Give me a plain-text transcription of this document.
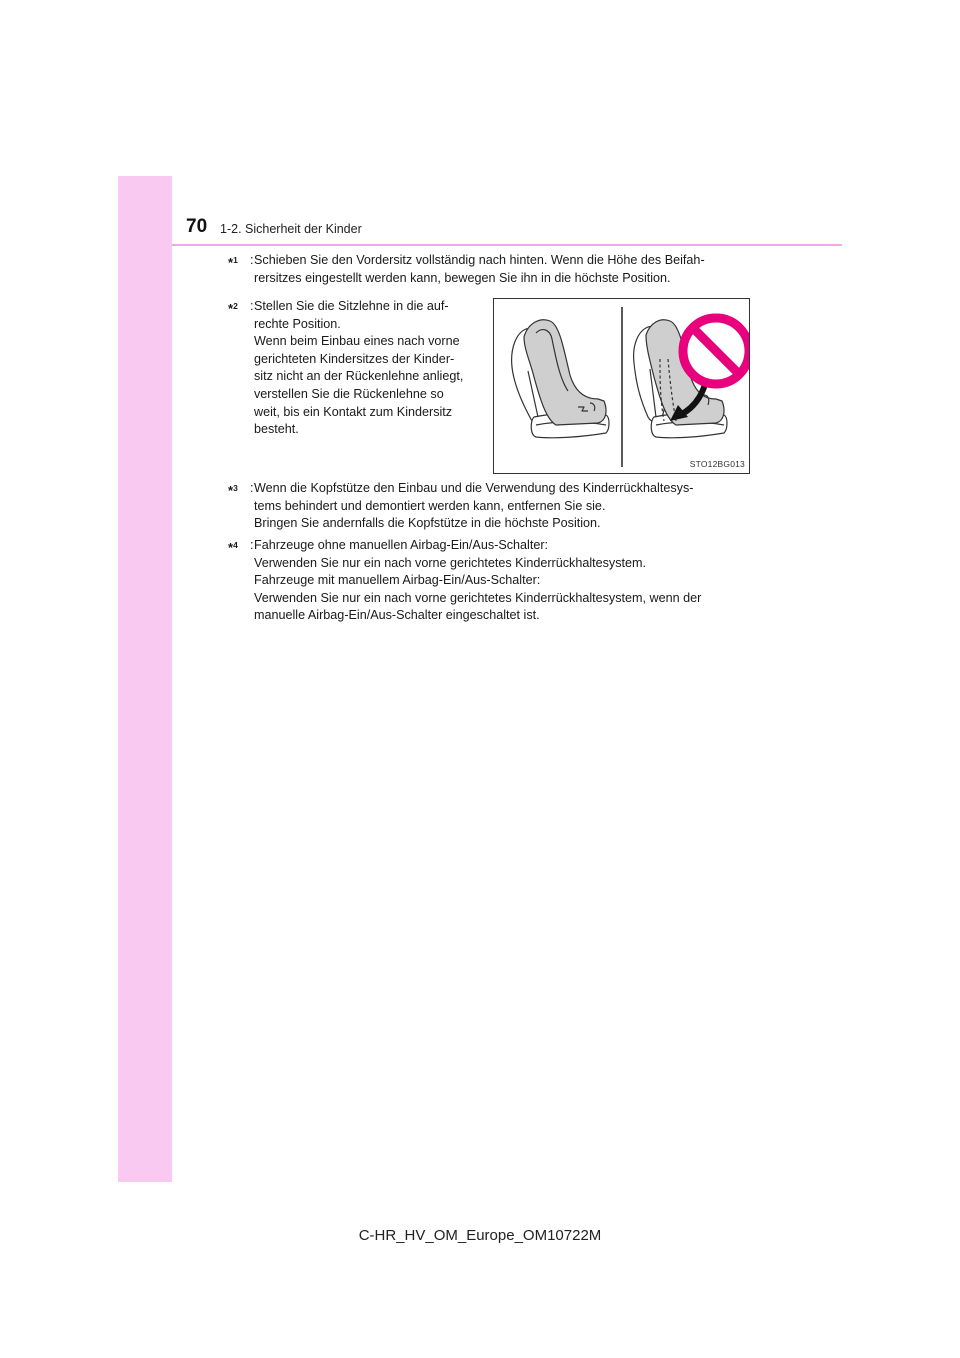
70 1-2. Sicherheit der Kinder
*$^1$ : Schieben Sie den Vordersitz vollständig nach hinten. Wenn die Höhe des Beifah-

rersitzes eingestellt werden kann, bewegen Sie ihn in die höchste Position.

*$^2$ : Stellen Sie die Sitzlehne in die auf-

rechte Position.

Wenn beim Einbau eines nach vorne

gerichteten Kindersitzes der Kinder-

sitz nicht an der Rückenlehne anliegt,

verstellen Sie die Rückenlehne so

weit, bis ein Kontakt zum Kindersitz

besteht.

STO12BG013
*$^3$ : Wenn die Kopfstütze den Einbau und die Verwendung des Kinderrückhaltesys-

tems behindert und demontiert werden kann, entfernen Sie sie.

Bringen Sie andernfalls die Kopfstütze in die höchste Position.

*$^4$ : Fahrzeuge ohne manuellen Airbag-Ein/Aus-Schalter:

Verwenden Sie nur ein nach vorne gerichtetes Kinderrückhaltesystem.

Fahrzeuge mit manuellem Airbag-Ein/Aus-Schalter:

Verwenden Sie nur ein nach vorne gerichtetes Kinderrückhaltesystem, wenn der

manuelle Airbag-Ein/Aus-Schalter eingeschaltet ist.

C-HR_HV_OM_Europe_OM10722M
